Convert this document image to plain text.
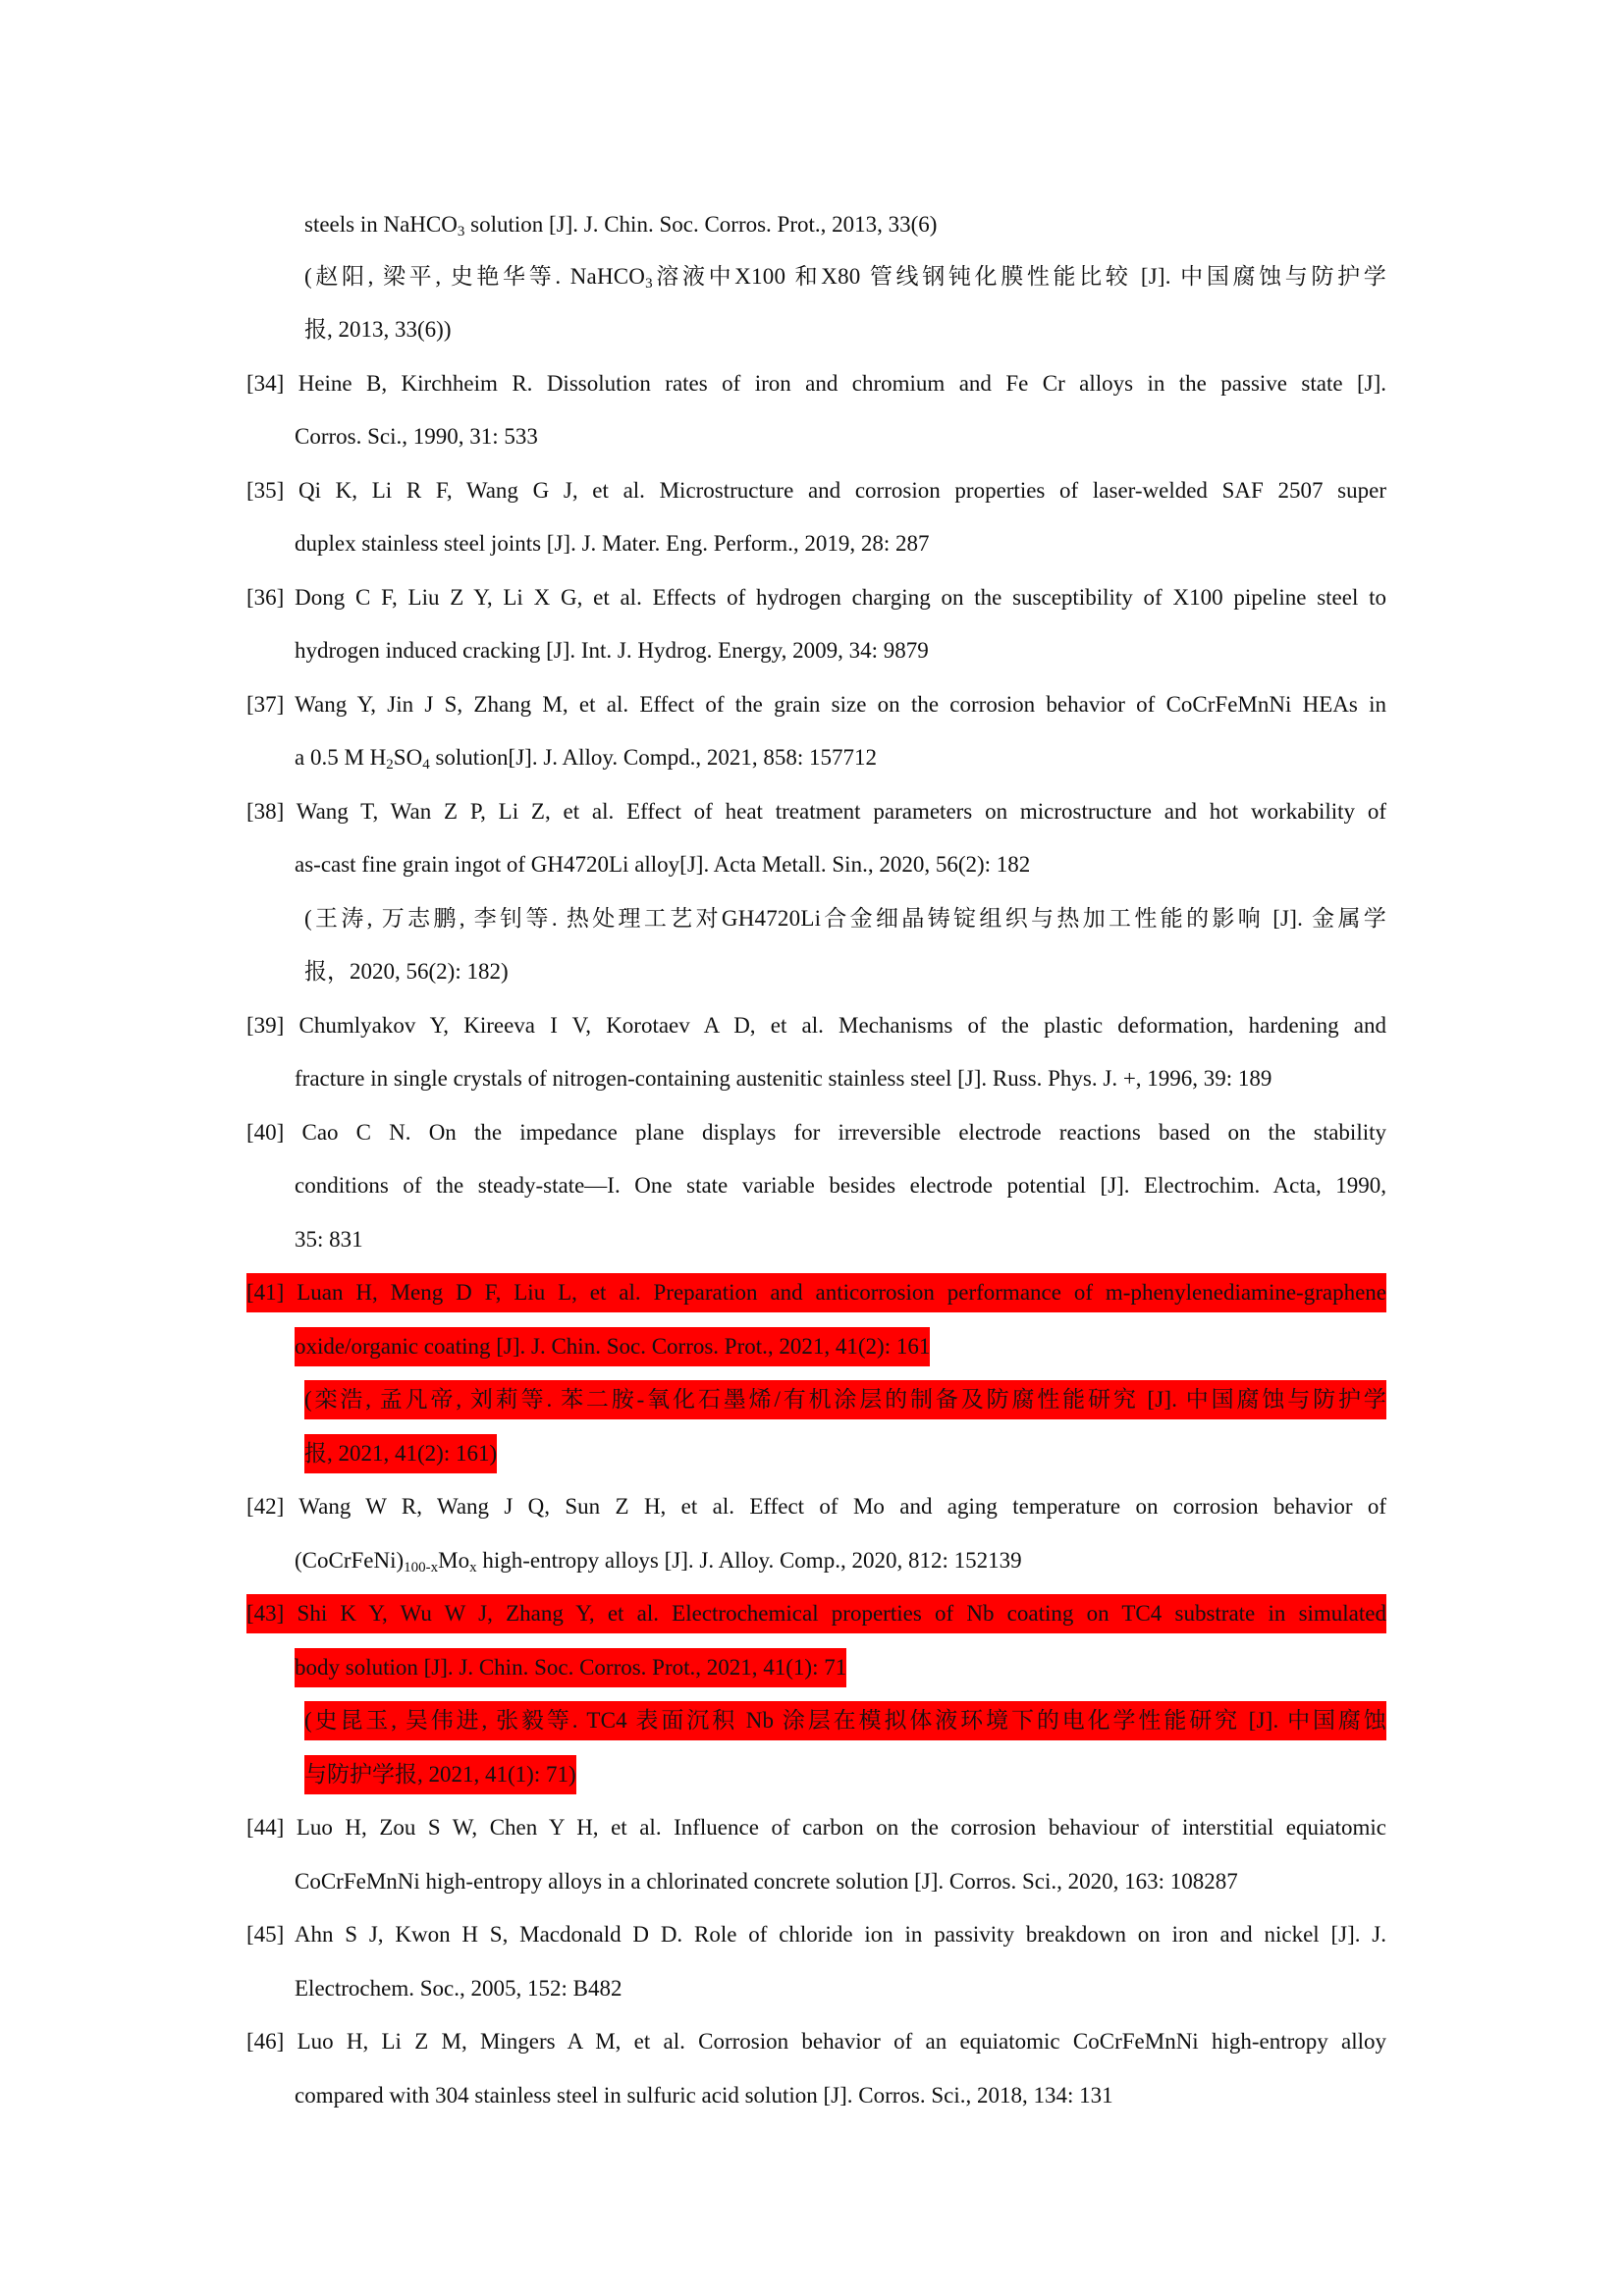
steels in NaHCO$_3$ solution [J]. J. Chin. Soc. Corros. Prot., 2013, 33(6)
(赵阳, 梁平, 史艳华等. NaHCO$_3$溶液中X100 和X80 管线钢钝化膜性能比较 [J]. 中国腐蚀与防护学
报, 2013, 33(6))
[34] Heine B, Kirchheim R. Dissolution rates of iron and chromium and Fe Cr alloys in the passive state [J].
Corros. Sci., 1990, 31: 533
[35] Qi K, Li R F, Wang G J, et al. Microstructure and corrosion properties of laser-welded SAF 2507 super
duplex stainless steel joints [J]. J. Mater. Eng. Perform., 2019, 28: 287
[36] Dong C F, Liu Z Y, Li X G, et al. Effects of hydrogen charging on the susceptibility of X100 pipeline steel to
hydrogen induced cracking [J]. Int. J. Hydrog. Energy, 2009, 34: 9879
[37] Wang Y, Jin J S, Zhang M, et al. Effect of the grain size on the corrosion behavior of CoCrFeMnNi HEAs in
a 0.5 M $H_2SO_4$ solution[J]. J. Alloy. Compd., 2021, 858: 157712
[38] Wang T, Wan Z P, Li Z, et al. Effect of heat treatment parameters on microstructure and hot workability of
as-cast fine grain ingot of GH4720Li alloy[J]. Acta Metall. Sin., 2020, 56(2): 182
(王涛, 万志鹏, 李钊等. 热处理工艺对GH4720Li合金细晶铸锭组织与热加工性能的影响 [J]. 金属学
报，2020, 56(2): 182)
[39] Chumlyakov Y, Kireeva I V, Korotaev A D, et al. Mechanisms of the plastic deformation, hardening and
fracture in single crystals of nitrogen-containing austenitic stainless steel [J]. Russ. Phys. J. +, 1996, 39: 189
[40] Cao C N. On the impedance plane displays for irreversible electrode reactions based on the stability
conditions of the steady-state—I. One state variable besides electrode potential [J]. Electrochim. Acta, 1990,
35: 831
[41] Luan H, Meng D F, Liu L, et al. Preparation and anticorrosion performance of m-phenylenediamine-graphene
oxide/organic coating [J]. J. Chin. Soc. Corros. Prot., 2021, 41(2): 161
(栾浩, 孟凡帝, 刘莉等. 苯二胺-氧化石墨烯/有机涂层的制备及防腐性能研究 [J]. 中国腐蚀与防护学
报, 2021, 41(2): 161)
[42] Wang W R, Wang J Q, Sun Z H, et al. Effect of Mo and aging temperature on corrosion behavior of
$(CoCrFeNi)_{100-x}Mo_x$ high-entropy alloys [J]. J. Alloy. Comp., 2020, 812: 152139
[43] Shi K Y, Wu W J, Zhang Y, et al. Electrochemical properties of Nb coating on TC4 substrate in simulated
body solution [J]. J. Chin. Soc. Corros. Prot., 2021, 41(1): 71
(史昆玉, 吴伟进, 张毅等. TC4 表面沉积 Nb 涂层在模拟体液环境下的电化学性能研究 [J]. 中国腐蚀
与防护学报, 2021, 41(1): 71)
[44] Luo H, Zou S W, Chen Y H, et al. Influence of carbon on the corrosion behaviour of interstitial equiatomic
CoCrFeMnNi high-entropy alloys in a chlorinated concrete solution [J]. Corros. Sci., 2020, 163: 108287
[45] Ahn S J, Kwon H S, Macdonald D D. Role of chloride ion in passivity breakdown on iron and nickel [J]. J.
Electrochem. Soc., 2005, 152: B482
[46] Luo H, Li Z M, Mingers A M, et al. Corrosion behavior of an equiatomic CoCrFeMnNi high-entropy alloy
compared with 304 stainless steel in sulfuric acid solution [J]. Corros. Sci., 2018, 134: 131
